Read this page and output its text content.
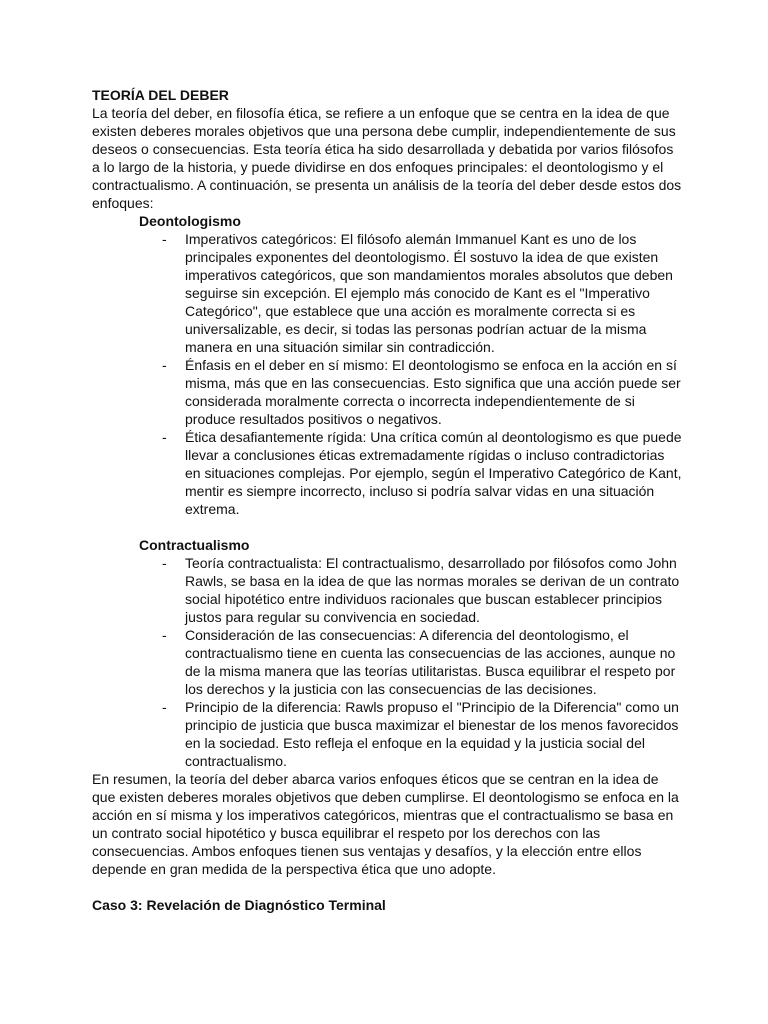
TEORÍA DEL DEBER

La teoría del deber, en filosofía ética, se refiere a un enfoque que se centra en la idea de que existen deberes morales objetivos que una persona debe cumplir, independientemente de sus deseos o consecuencias. Esta teoría ética ha sido desarrollada y debatida por varios filósofos a lo largo de la historia, y puede dividirse en dos enfoques principales: el deontologismo y el contractualismo. A continuación, se presenta un análisis de la teoría del deber desde estos dos enfoques:

Deontologismo

- Imperativos categóricos: El filósofo alemán Immanuel Kant es uno de los principales exponentes del deontologismo. Él sostuvo la idea de que existen imperativos categóricos, que son mandamientos morales absolutos que deben seguirse sin excepción. El ejemplo más conocido de Kant es el "Imperativo Categórico", que establece que una acción es moralmente correcta si es universalizable, es decir, si todas las personas podrían actuar de la misma manera en una situación similar sin contradicción.
- Énfasis en el deber en sí mismo: El deontologismo se enfoca en la acción en sí misma, más que en las consecuencias. Esto significa que una acción puede ser considerada moralmente correcta o incorrecta independientemente de si produce resultados positivos o negativos.
- Ética desafiantemente rígida: Una crítica común al deontologismo es que puede llevar a conclusiones éticas extremadamente rígidas o incluso contradictorias en situaciones complejas. Por ejemplo, según el Imperativo Categórico de Kant, mentir es siempre incorrecto, incluso si podría salvar vidas en una situación extrema.

Contractualismo

- Teoría contractualista: El contractualismo, desarrollado por filósofos como John Rawls, se basa en la idea de que las normas morales se derivan de un contrato social hipotético entre individuos racionales que buscan establecer principios justos para regular su convivencia en sociedad.
- Consideración de las consecuencias: A diferencia del deontologismo, el contractualismo tiene en cuenta las consecuencias de las acciones, aunque no de la misma manera que las teorías utilitaristas. Busca equilibrar el respeto por los derechos y la justicia con las consecuencias de las decisiones.
- Principio de la diferencia: Rawls propuso el "Principio de la Diferencia" como un principio de justicia que busca maximizar el bienestar de los menos favorecidos en la sociedad. Esto refleja el enfoque en la equidad y la justicia social del contractualismo.

En resumen, la teoría del deber abarca varios enfoques éticos que se centran en la idea de que existen deberes morales objetivos que deben cumplirse. El deontologismo se enfoca en la acción en sí misma y los imperativos categóricos, mientras que el contractualismo se basa en un contrato social hipotético y busca equilibrar el respeto por los derechos con las consecuencias. Ambos enfoques tienen sus ventajas y desafíos, y la elección entre ellos depende en gran medida de la perspectiva ética que uno adopte.

Caso 3: Revelación de Diagnóstico Terminal
